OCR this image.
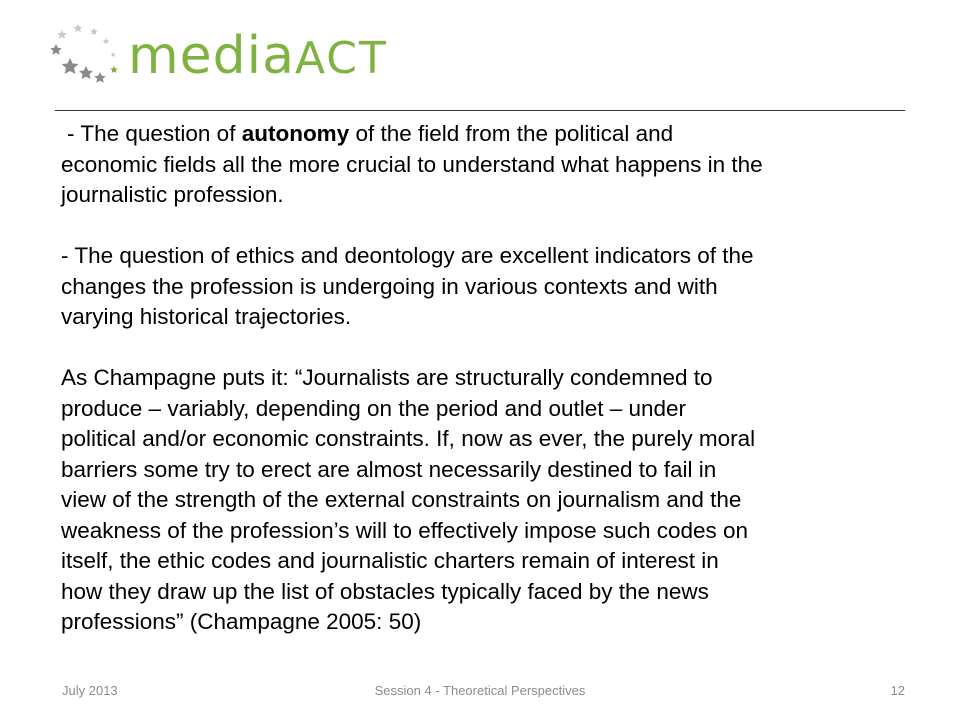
mediaACT

- The question of autonomy of the field from the political and
economic fields all the more crucial to understand what happens in the
journalistic profession.

- The question of ethics and deontology are excellent indicators of the
changes the profession is undergoing in various contexts and with
varying historical trajectories.

As Champagne puts it: “Journalists are structurally condemned to
produce – variably, depending on the period and outlet – under
political and/or economic constraints. If, now as ever, the purely moral
barriers some try to erect are almost necessarily destined to fail in
view of the strength of the external constraints on journalism and the
weakness of the profession’s will to effectively impose such codes on
itself, the ethic codes and journalistic charters remain of interest in
how they draw up the list of obstacles typically faced by the news
professions” (Champagne 2005: 50)

July 2013	Session 4 - Theoretical Perspectives	12
